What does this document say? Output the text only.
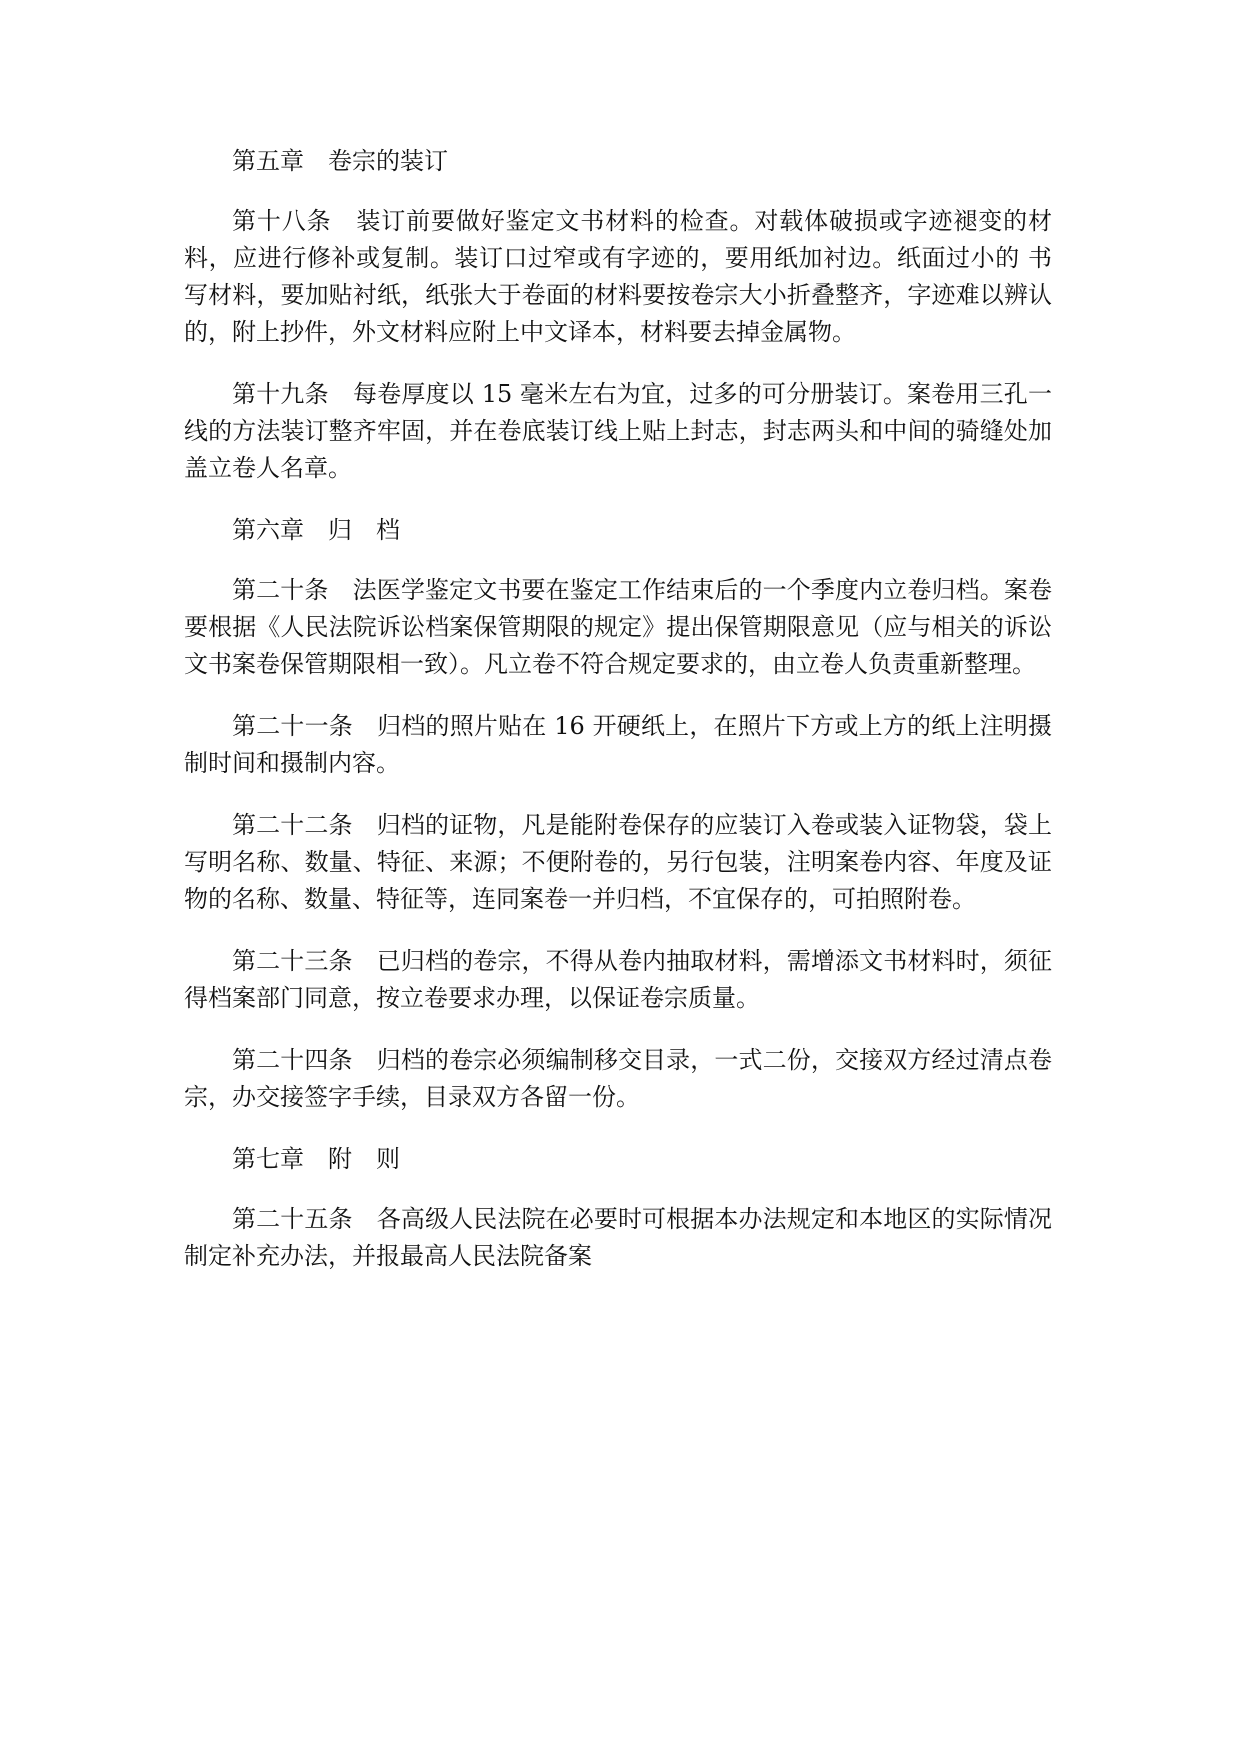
第五章　卷宗的装订

第十八条　装订前要做好鉴定文书材料的检查。对载体破损或字迹褪变的材料，应进行修补或复制。装订口过窄或有字迹的，要用纸加衬边。纸面过小的 书写材料，要加贴衬纸，纸张大于卷面的材料要按卷宗大小折叠整齐，字迹难以辨认的，附上抄件，外文材料应附上中文译本，材料要去掉金属物。

第十九条　每卷厚度以 15 毫米左右为宜，过多的可分册装订。案卷用三孔一线的方法装订整齐牢固，并在卷底装订线上贴上封志，封志两头和中间的骑缝处加盖立卷人名章。

第六章　归　档

第二十条　法医学鉴定文书要在鉴定工作结束后的一个季度内立卷归档。案卷要根据《人民法院诉讼档案保管期限的规定》提出保管期限意见（应与相关的诉讼文书案卷保管期限相一致）。凡立卷不符合规定要求的，由立卷人负责重新整理。

第二十一条　归档的照片贴在 16 开硬纸上，在照片下方或上方的纸上注明摄制时间和摄制内容。

第二十二条　归档的证物，凡是能附卷保存的应装订入卷或装入证物袋，袋上写明名称、数量、特征、来源；不便附卷的，另行包装，注明案卷内容、年度及证物的名称、数量、特征等，连同案卷一并归档，不宜保存的，可拍照附卷。

第二十三条　已归档的卷宗，不得从卷内抽取材料，需增添文书材料时，须征得档案部门同意，按立卷要求办理，以保证卷宗质量。

第二十四条　归档的卷宗必须编制移交目录，一式二份，交接双方经过清点卷宗，办交接签字手续，目录双方各留一份。

第七章　附　则

第二十五条　各高级人民法院在必要时可根据本办法规定和本地区的实际情况制定补充办法，并报最高人民法院备案
